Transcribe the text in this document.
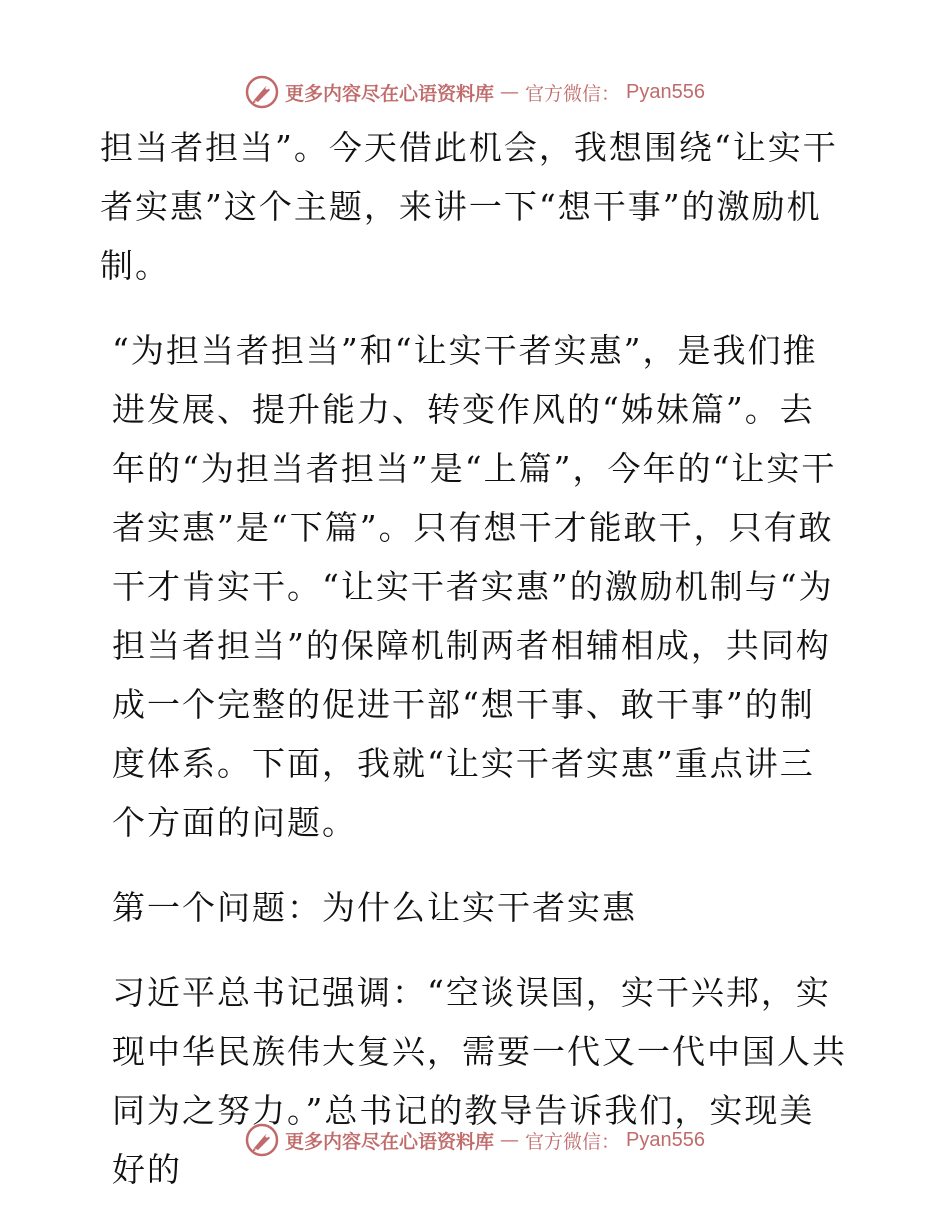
更多内容尽在心语资料库 — 官方微信： Pyan556

担当者担当”。今天借此机会，我想围绕“让实干者实惠”这个主题，来讲一下“想干事”的激励机制。

“为担当者担当”和“让实干者实惠”，是我们推进发展、提升能力、转变作风的“姊妹篇”。去年的“为担当者担当”是“上篇”，今年的“让实干者实惠”是“下篇”。只有想干才能敢干，只有敢干才肯实干。“让实干者实惠”的激励机制与“为担当者担当”的保障机制两者相辅相成，共同构成一个完整的促进干部“想干事、敢干事”的制度体系。下面，我就“让实干者实惠”重点讲三个方面的问题。

第一个问题：为什么让实干者实惠

习近平总书记强调：“空谈误国，实干兴邦，实现中华民族伟大复兴，需要一代又一代中国人共同为之努力。”总书记的教导告诉我们，实现美好的

更多内容尽在心语资料库 — 官方微信： Pyan556
